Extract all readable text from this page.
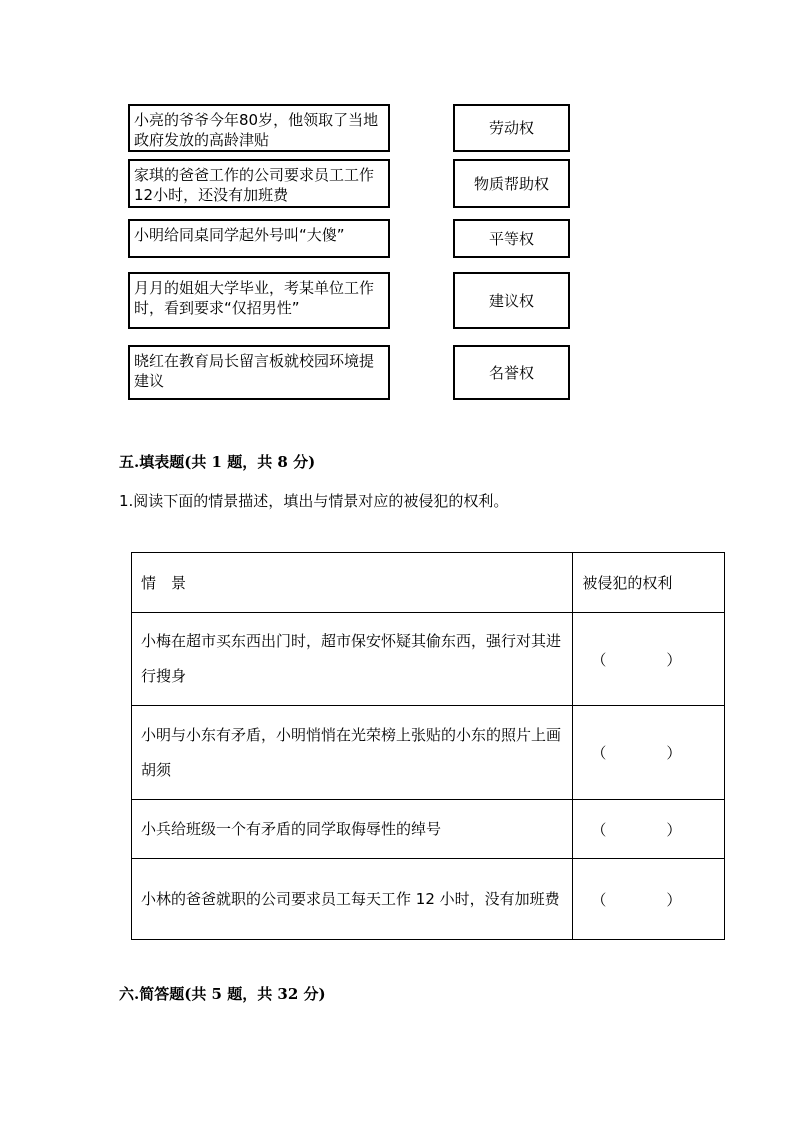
小亮的爷爷今年80岁，他领取了当地政府发放的高龄津贴
家琪的爸爸工作的公司要求员工工作12小时，还没有加班费
小明给同桌同学起外号叫“大傻”
月月的姐姐大学毕业，考某单位工作时，看到要求“仅招男性”
晓红在教育局长留言板就校园环境提建议
劳动权
物质帮助权
平等权
建议权
名誉权
五.填表题(共 1 题，共 8 分)
1.阅读下面的情景描述，填出与情景对应的被侵犯的权利。
情　景	被侵犯的权利

小梅在超市买东西出门时，超市保安怀疑其偷东西，强行对其进行搜身	（　　　　）

小明与小东有矛盾，小明悄悄在光荣榜上张贴的小东的照片上画胡须	（　　　　）

小兵给班级一个有矛盾的同学取侮辱性的绰号	（　　　　）

小林的爸爸就职的公司要求员工每天工作 12 小时，没有加班费	（　　　　）
六.简答题(共 5 题，共 32 分)
